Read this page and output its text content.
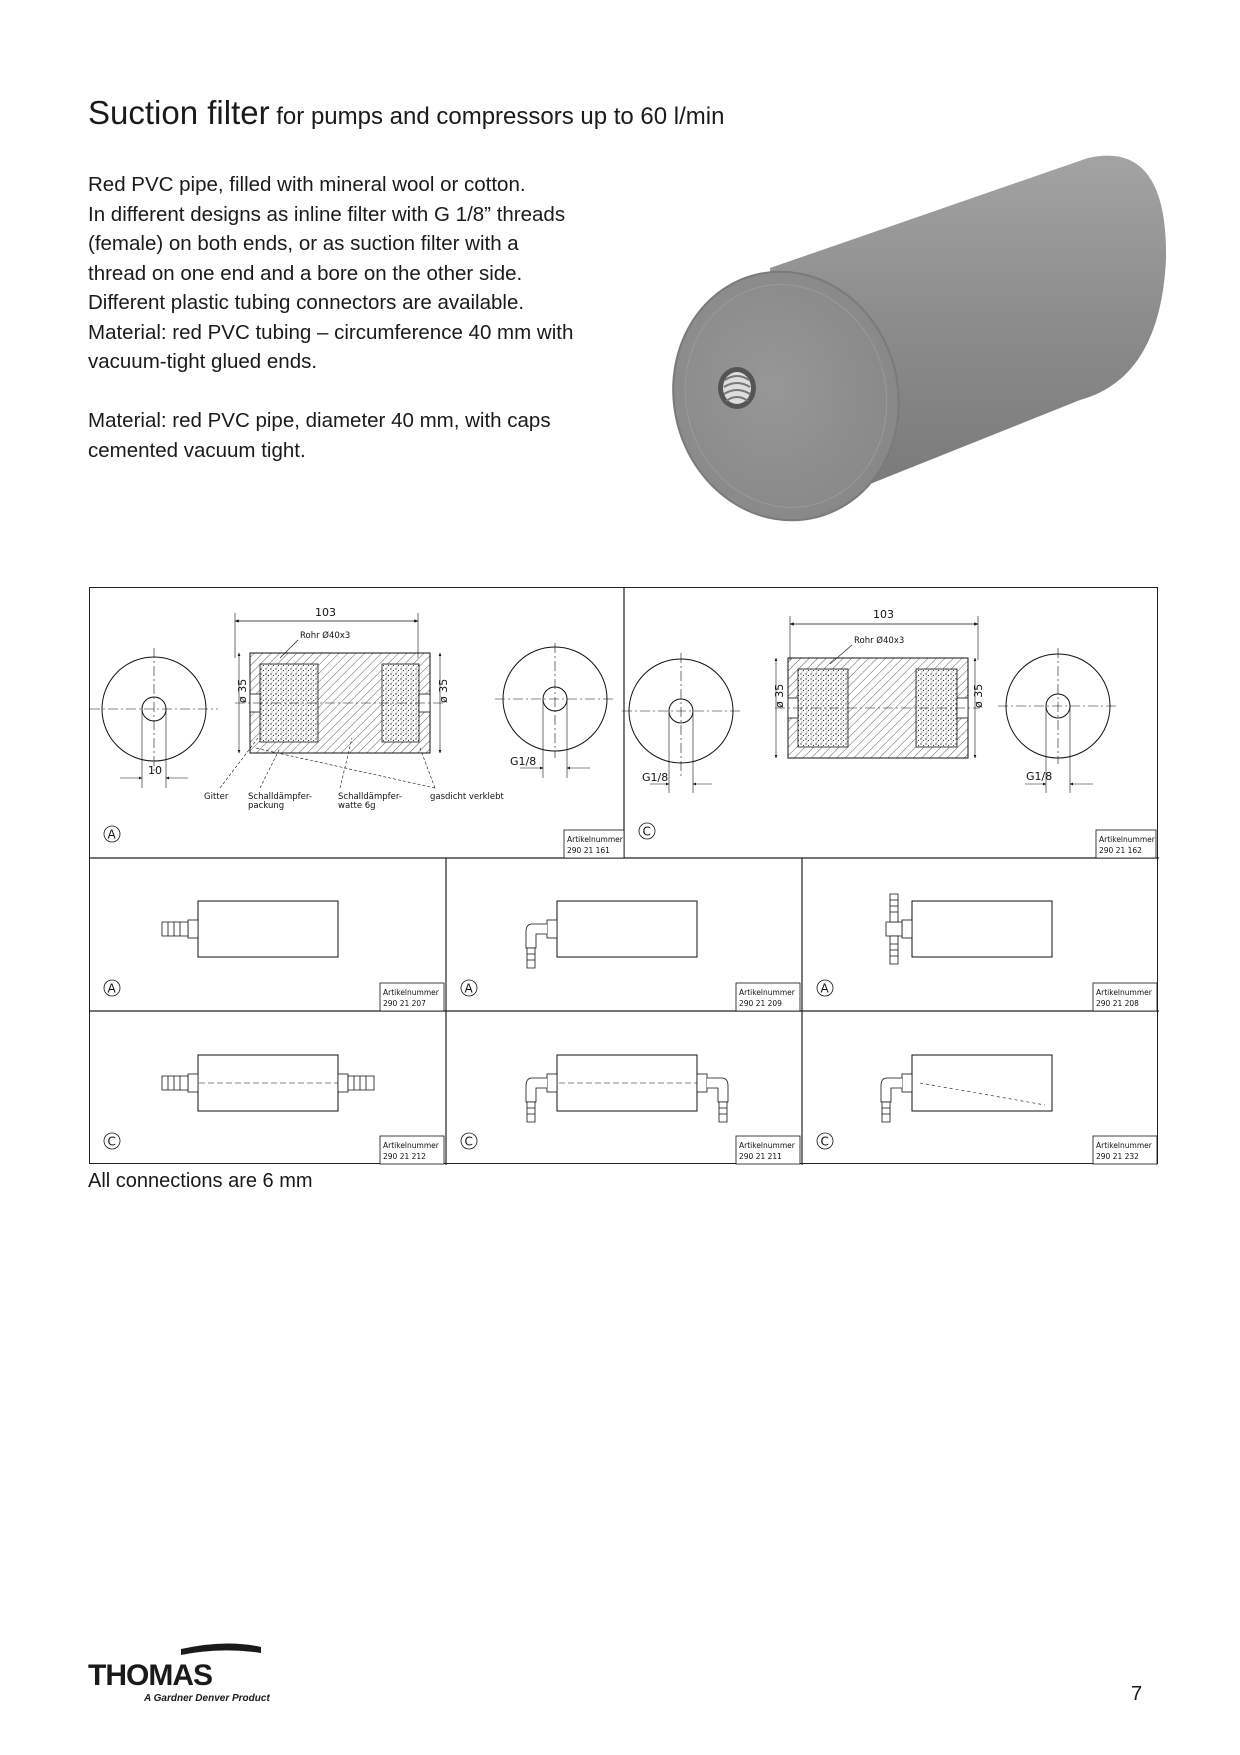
Suction filter for pumps and compressors up to 60 l/min

Red PVC pipe, filled with mineral wool or cotton.

In different designs as inline filter with G 1/8” threads

(female) on both ends, or as suction filter with a

thread on one end and a bore on the other side.

Different plastic tubing connectors are available.

Material: red PVC tubing – circumference 40 mm with

vacuum-tight glued ends.

Material: red PVC pipe, diameter 40 mm, with caps

cemented vacuum tight.

10
ø 35	ø 35
103
Rohr Ø40x3
Gitter Schalldämpfer-
packung
Schalldämpfer-
watte 6g
gasdicht verklebt
G1/8
A	Artikelnummer
290 21 161
G1/8
ø 35	ø 35
103
Rohr Ø40x3
G1/8
C
Artikelnummer
290 21 162
A	Artikelnummer
290 21 207
A	Artikelnummer
290 21 209
A	Artikelnummer
290 21 208
C	Artikelnummer
290 21 212
C	Artikelnummer
290 21 211
C	Artikelnummer
290 21 232
All connections are 6 mm
THOMAS
A Gardner Denver Product	7
